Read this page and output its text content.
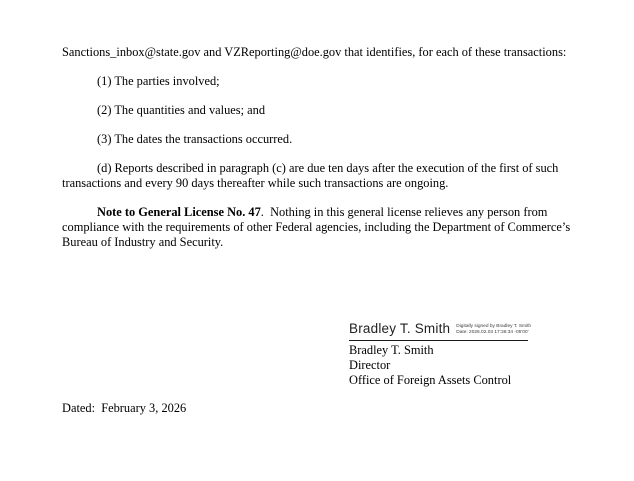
Sanctions_inbox@state.gov and VZReporting@doe.gov that identifies, for each of these transactions:

(1) The parties involved;

(2) The quantities and values; and

(3) The dates the transactions occurred.

(d) Reports described in paragraph (c) are due ten days after the execution of the first of such transactions and every 90 days thereafter while such transactions are ongoing.

Note to General License No. 47.  Nothing in this general license relieves any person from compliance with the requirements of other Federal agencies, including the Department of Commerce’s Bureau of Industry and Security.

Bradley T. Smith Digitally signed by Bradley T. Smith
Date: 2026.02.03 17:36:34 -05'00'
Bradley T. Smith
Director
Office of Foreign Assets Control
Dated:  February 3, 2026
